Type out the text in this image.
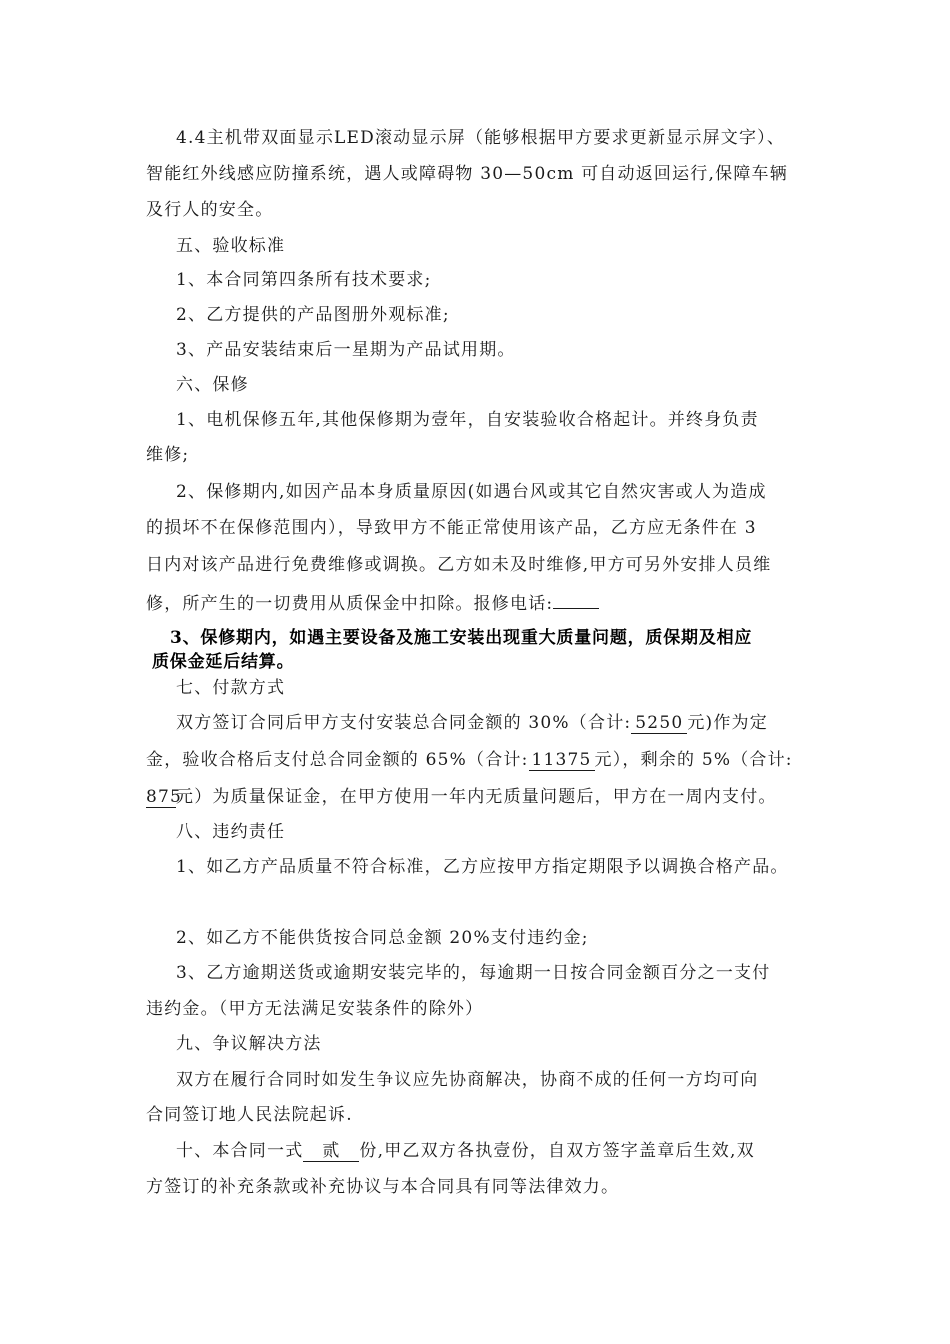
4.4主机带双面显示LED滚动显示屏（能够根据甲方要求更新显示屏文字）、
智能红外线感应防撞系统，遇人或障碍物 30—50cm 可自动返回运行,保障车辆
及行人的安全。
五、验收标准
1、本合同第四条所有技术要求;
2、乙方提供的产品图册外观标准;
3、产品安装结束后一星期为产品试用期。
六、保修
1、电机保修五年,其他保修期为壹年，自安装验收合格起计。并终身负责
维修;
2、保修期内,如因产品本身质量原因(如遇台风或其它自然灾害或人为造成
的损坏不在保修范围内），导致甲方不能正常使用该产品，乙方应无条件在 3
日内对该产品进行免费维修或调换。乙方如未及时维修,甲方可另外安排人员维
修，所产生的一切费用从质保金中扣除。报修电话:
3、保修期内，如遇主要设备及施工安装出现重大质量问题，质保期及相应
质保金延后结算。
七、付款方式
双方签订合同后甲方支付安装总合同金额的 30%（合计: 5250 元)作为定
金，验收合格后支付总合同金额的 65%（合计: 11375 元），剩余的 5%（合计:
875元）为质量保证金，在甲方使用一年内无质量问题后，甲方在一周内支付。
八、违约责任
1、如乙方产品质量不符合标准，乙方应按甲方指定期限予以调换合格产品。
2、如乙方不能供货按合同总金额 20%支付违约金;
3、乙方逾期送货或逾期安装完毕的，每逾期一日按合同金额百分之一支付
违约金。（甲方无法满足安装条件的除外）
九、争议解决方法
双方在履行合同时如发生争议应先协商解决，协商不成的任何一方均可向
合同签订地人民法院起诉.
十、本合同一式 贰 份,甲乙双方各执壹份，自双方签字盖章后生效,双
方签订的补充条款或补充协议与本合同具有同等法律效力。
